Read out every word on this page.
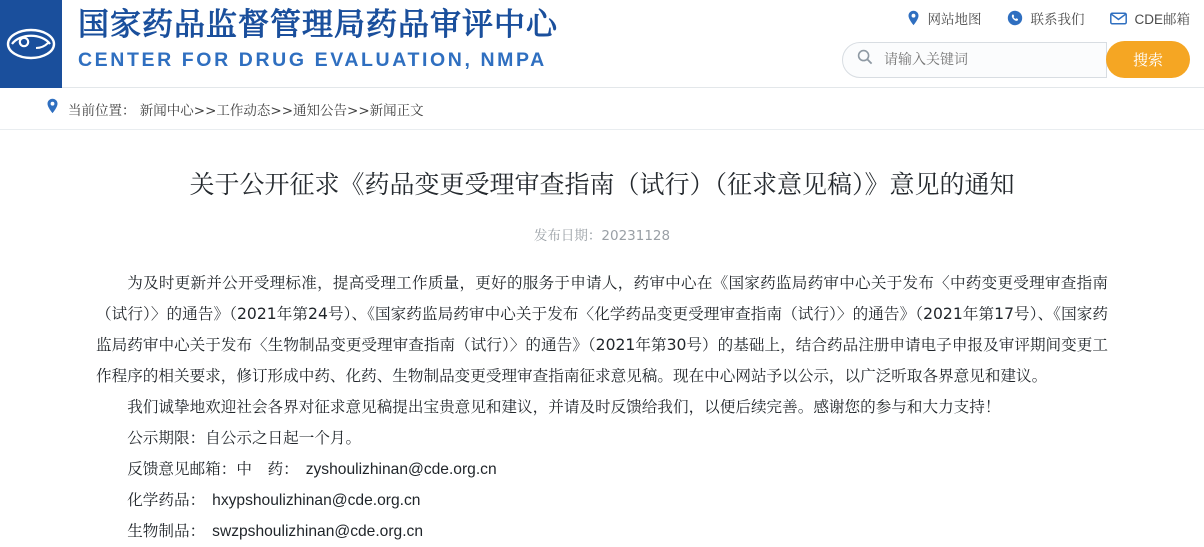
国家药品监督管理局药品审评中心
CENTER FOR DRUG EVALUATION, NMPA
网站地图	联系我们	CDE邮箱
请输入关键词
搜索
当前位置： 新闻中心>>工作动态>>通知公告>>新闻正文
关于公开征求《药品变更受理审查指南（试行）（征求意见稿）》意见的通知
发布日期：20231128

为及时更新并公开受理标准，提高受理工作质量，更好的服务于申请人，药审中心在《国家药监局药审中心关于发布〈中药变更受理审查指南（试行）〉的通告》（2021年第24号）、《国家药监局药审中心关于发布〈化学药品变更受理审查指南（试行）〉的通告》（2021年第17号）、《国家药监局药审中心关于发布〈生物制品变更受理审查指南（试行）〉的通告》（2021年第30号）的基础上，结合药品注册申请电子申报及审评期间变更工作程序的相关要求，修订形成中药、化药、生物制品变更受理审查指南征求意见稿。现在中心网站予以公示，以广泛听取各界意见和建议。

我们诚挚地欢迎社会各界对征求意见稿提出宝贵意见和建议，并请及时反馈给我们，以便后续完善。感谢您的参与和大力支持！

公示期限：自公示之日起一个月。

反馈意见邮箱：中　药： zyshoulizhinan@cde.org.cn

化学药品： hxypshoulizhinan@cde.org.cn

生物制品： swzpshoulizhinan@cde.org.cn
